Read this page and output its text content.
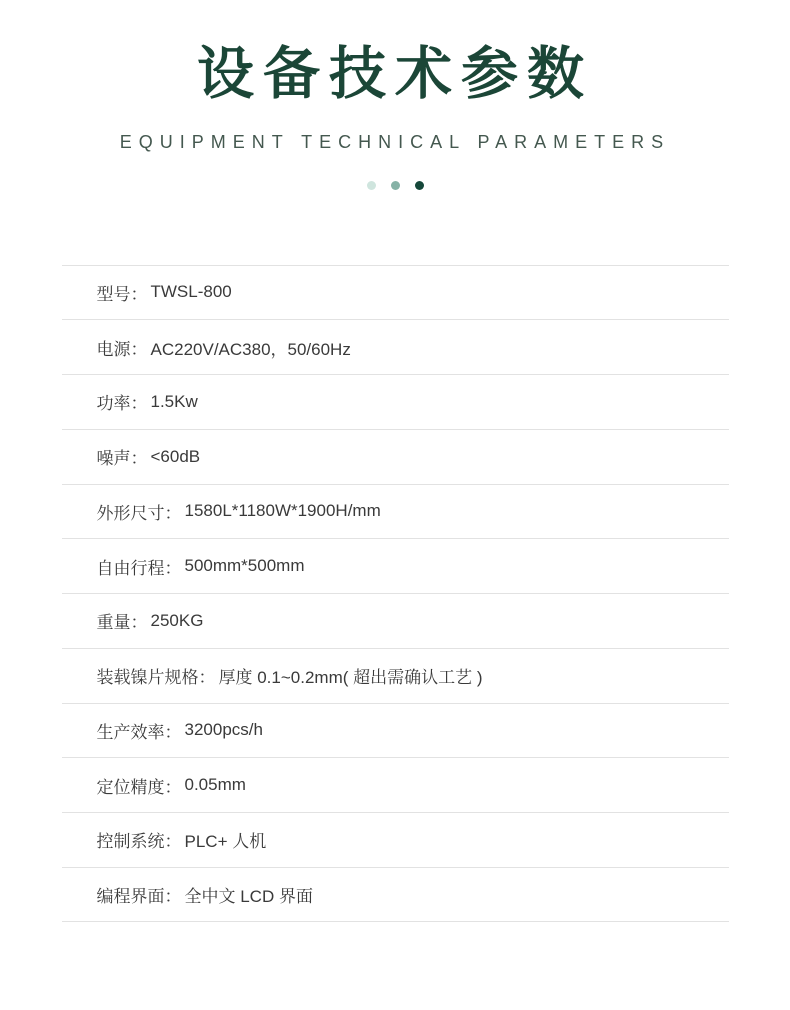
设备技术参数
EQUIPMENT TECHNICAL PARAMETERS
型号： TWSL-800
电源： AC220V/AC380，50/60Hz
功率： 1.5Kw
噪声： <60dB
外形尺寸： 1580L*1180W*1900H/mm
自由行程： 500mm*500mm
重量： 250KG
装载镍片规格： 厚度 0.1~0.2mm( 超出需确认工艺 )
生产效率： 3200pcs/h
定位精度： 0.05mm
控制系统： PLC+ 人机
编程界面： 全中文 LCD 界面
